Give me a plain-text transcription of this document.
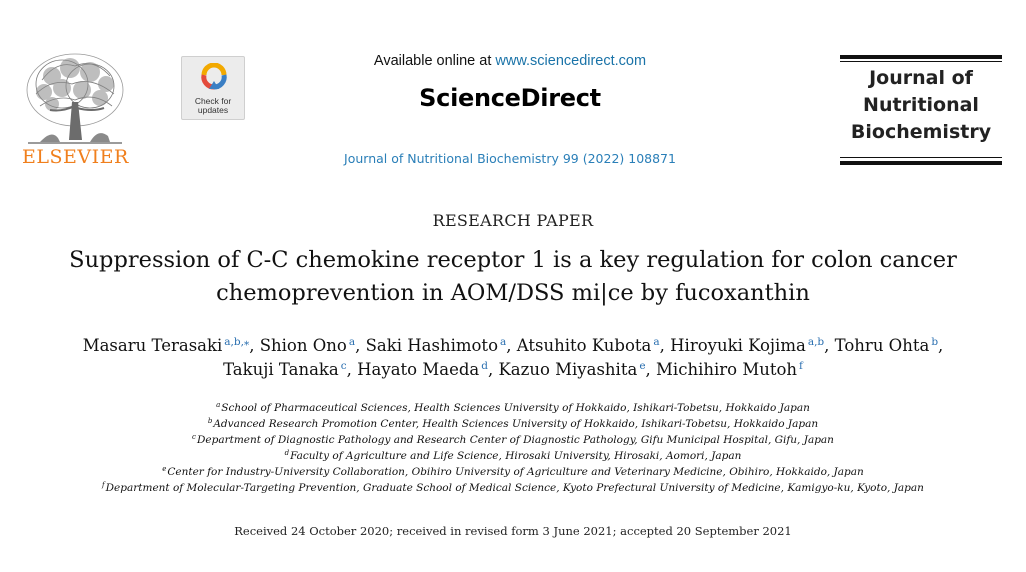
ELSEVIER
Check for
updates
Available online at www.sciencedirect.com
ScienceDirect
Journal of Nutritional Biochemistry 99 (2022) 108871
Journal of
Nutritional
Biochemistry
RESEARCH PAPER
Suppression of C-C chemokine receptor 1 is a key regulation for colon cancer
chemoprevention in AOM/DSS mi|ce by fucoxanthin
Masaru Terasaki $^{a,b,⁎}$, Shion Ono $^a$, Saki Hashimoto $^a$, Atsuhito Kubota $^a$, Hiroyuki Kojima $^{a,b}$, Tohru Ohta $^b$,
Takuji Tanaka $^c$, Hayato Maeda $^d$, Kazuo Miyashita $^e$, Michihiro Mutoh $^f$
$^a$School of Pharmaceutical Sciences, Health Sciences University of Hokkaido, Ishikari-Tobetsu, Hokkaido Japan
$^b$Advanced Research Promotion Center, Health Sciences University of Hokkaido, Ishikari-Tobetsu, Hokkaido Japan
$^c$Department of Diagnostic Pathology and Research Center of Diagnostic Pathology, Gifu Municipal Hospital, Gifu, Japan
$^d$Faculty of Agriculture and Life Science, Hirosaki University, Hirosaki, Aomori, Japan
$^e$Center for Industry-University Collaboration, Obihiro University of Agriculture and Veterinary Medicine, Obihiro, Hokkaido, Japan
$^f$Department of Molecular-Targeting Prevention, Graduate School of Medical Science, Kyoto Prefectural University of Medicine, Kamigyo-ku, Kyoto, Japan
Received 24 October 2020; received in revised form 3 June 2021; accepted 20 September 2021
